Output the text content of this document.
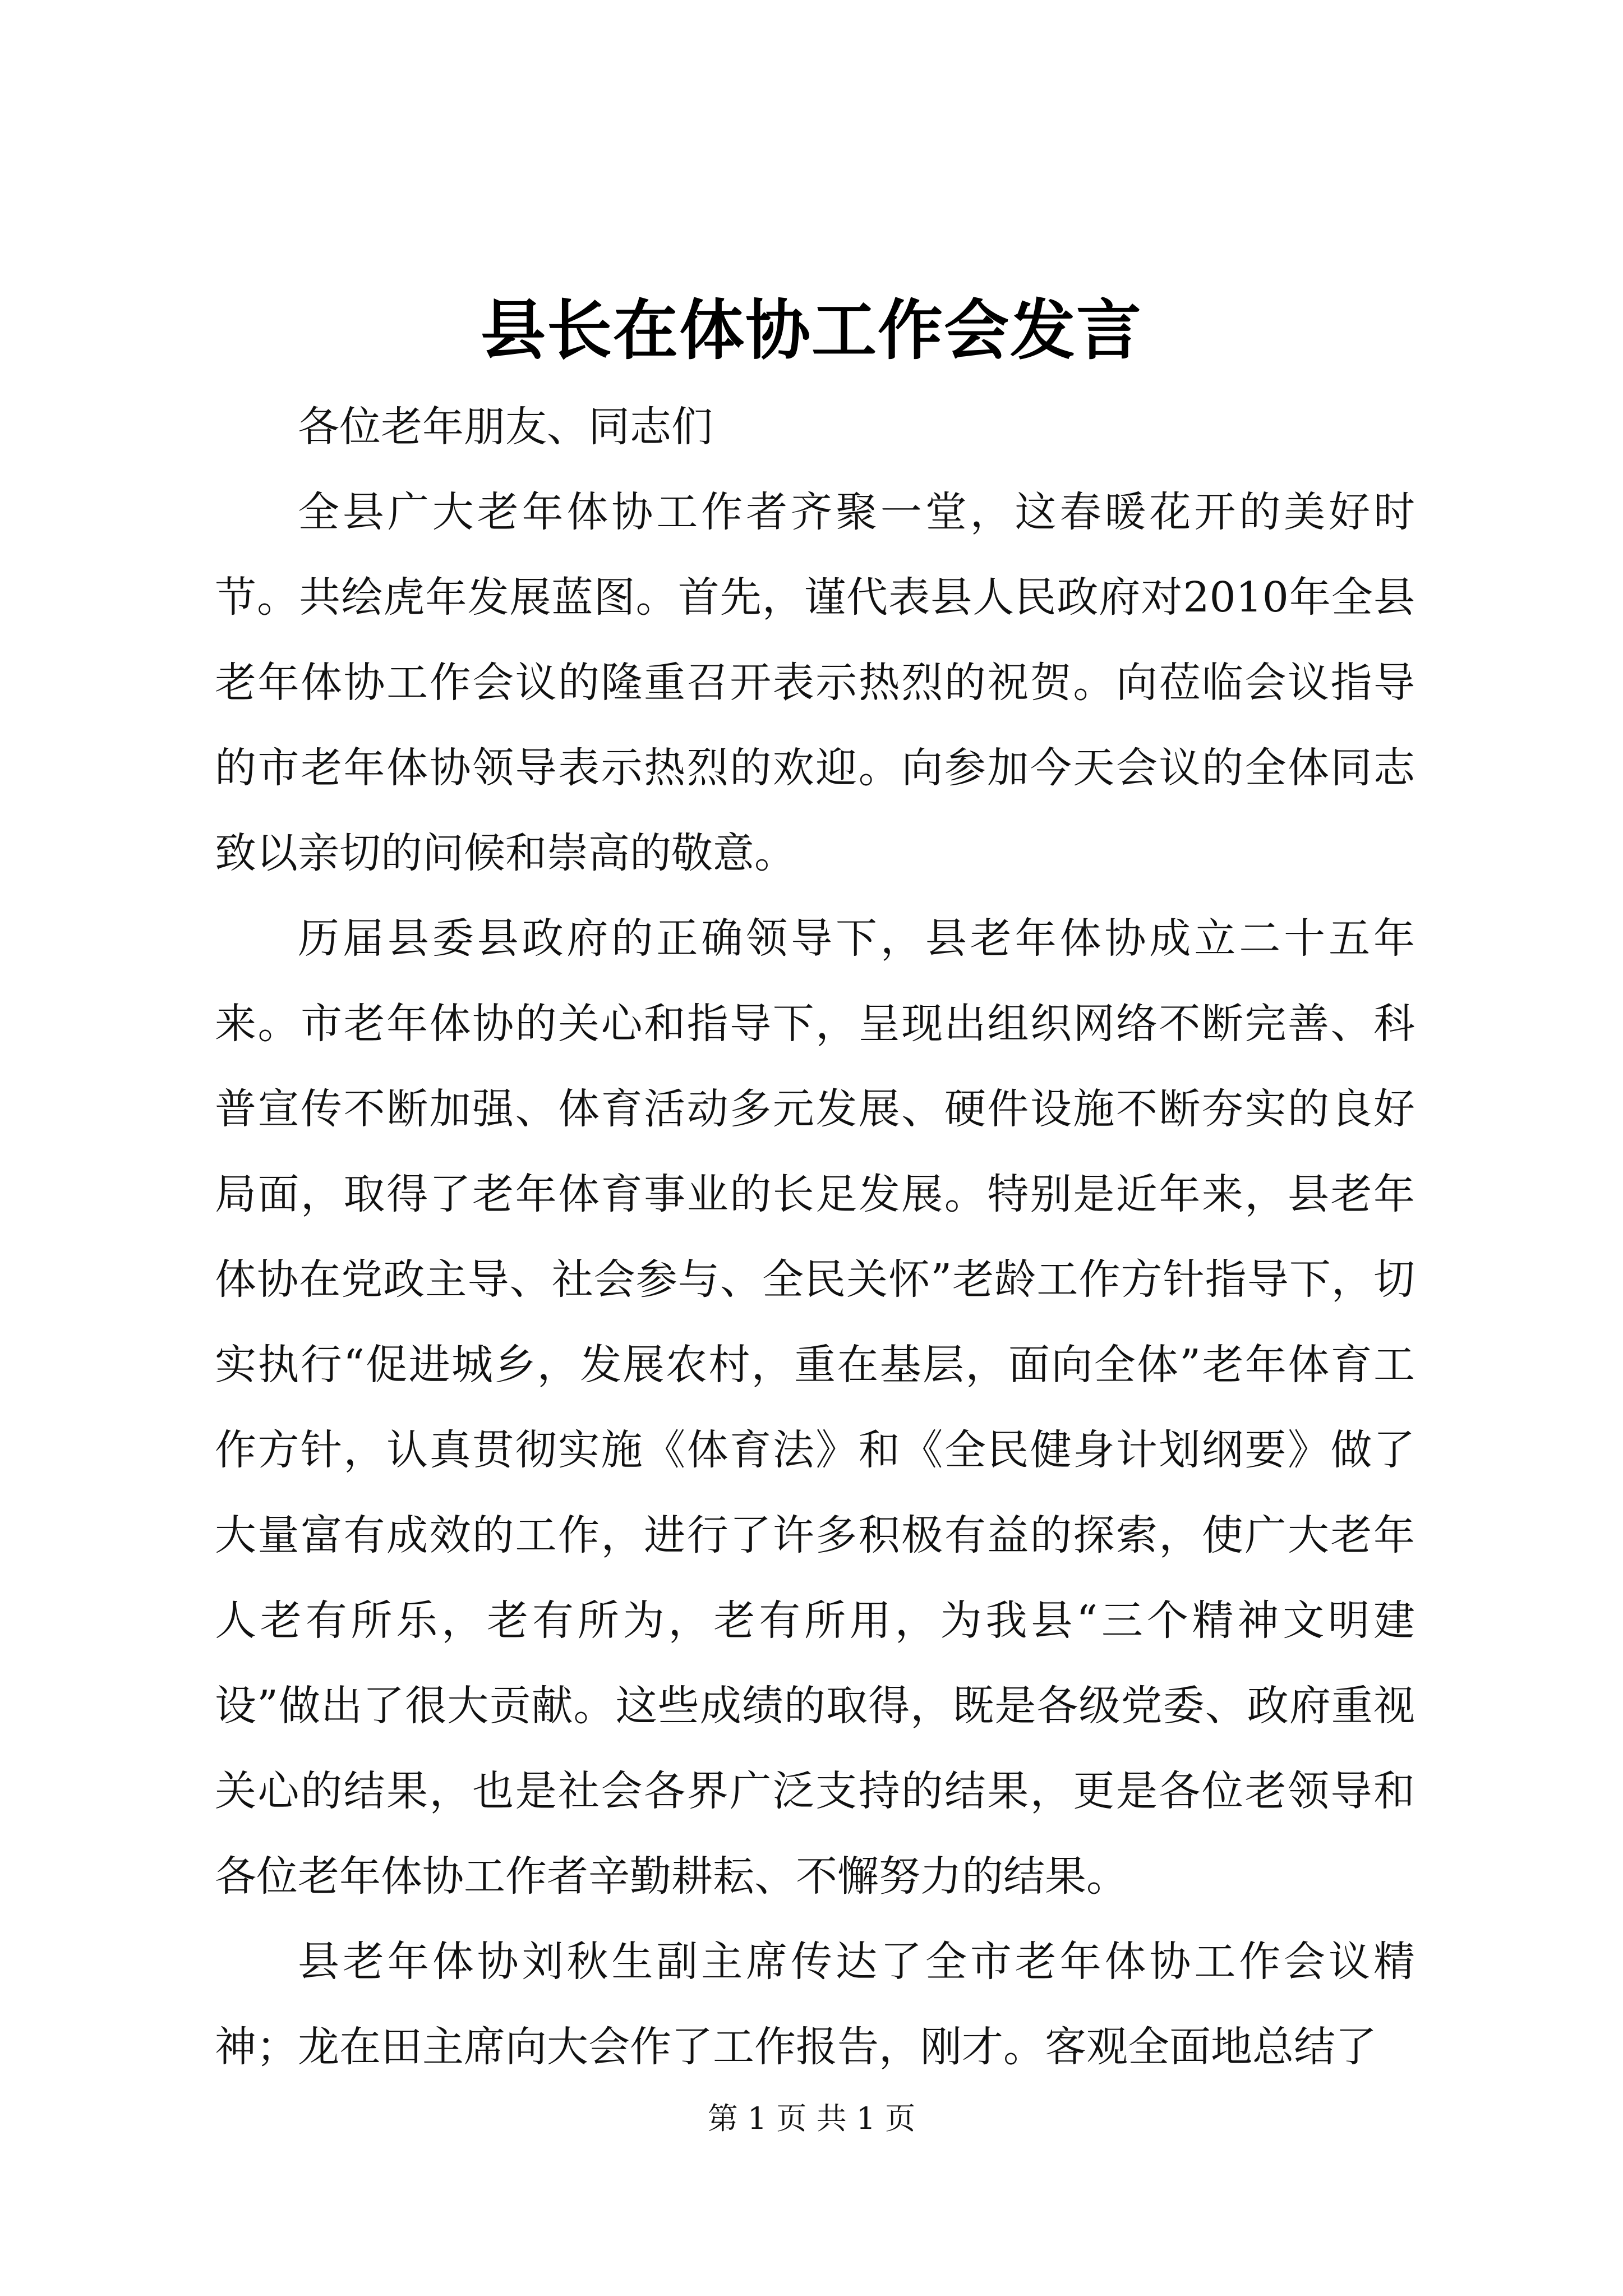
县长在体协工作会发言

各位老年朋友、同志们

全县广大老年体协工作者齐聚一堂，这春暖花开的美好时节。共绘虎年发展蓝图。首先，谨代表县人民政府对2010年全县老年体协工作会议的隆重召开表示热烈的祝贺。向莅临会议指导的市老年体协领导表示热烈的欢迎。向参加今天会议的全体同志致以亲切的问候和崇高的敬意。

历届县委县政府的正确领导下，县老年体协成立二十五年来。市老年体协的关心和指导下，呈现出组织网络不断完善、科普宣传不断加强、体育活动多元发展、硬件设施不断夯实的良好局面，取得了老年体育事业的长足发展。特别是近年来，县老年体协在党政主导、社会参与、全民关怀”老龄工作方针指导下，切实执行“促进城乡，发展农村，重在基层，面向全体”老年体育工作方针，认真贯彻实施《体育法》和《全民健身计划纲要》做了大量富有成效的工作，进行了许多积极有益的探索，使广大老年人老有所乐，老有所为，老有所用，为我县“三个精神文明建设”做出了很大贡献。这些成绩的取得，既是各级党委、政府重视关心的结果，也是社会各界广泛支持的结果，更是各位老领导和各位老年体协工作者辛勤耕耘、不懈努力的结果。

县老年体协刘秋生副主席传达了全市老年体协工作会议精神；龙在田主席向大会作了工作报告，刚才。客观全面地总结了

第 1 页 共 1 页
